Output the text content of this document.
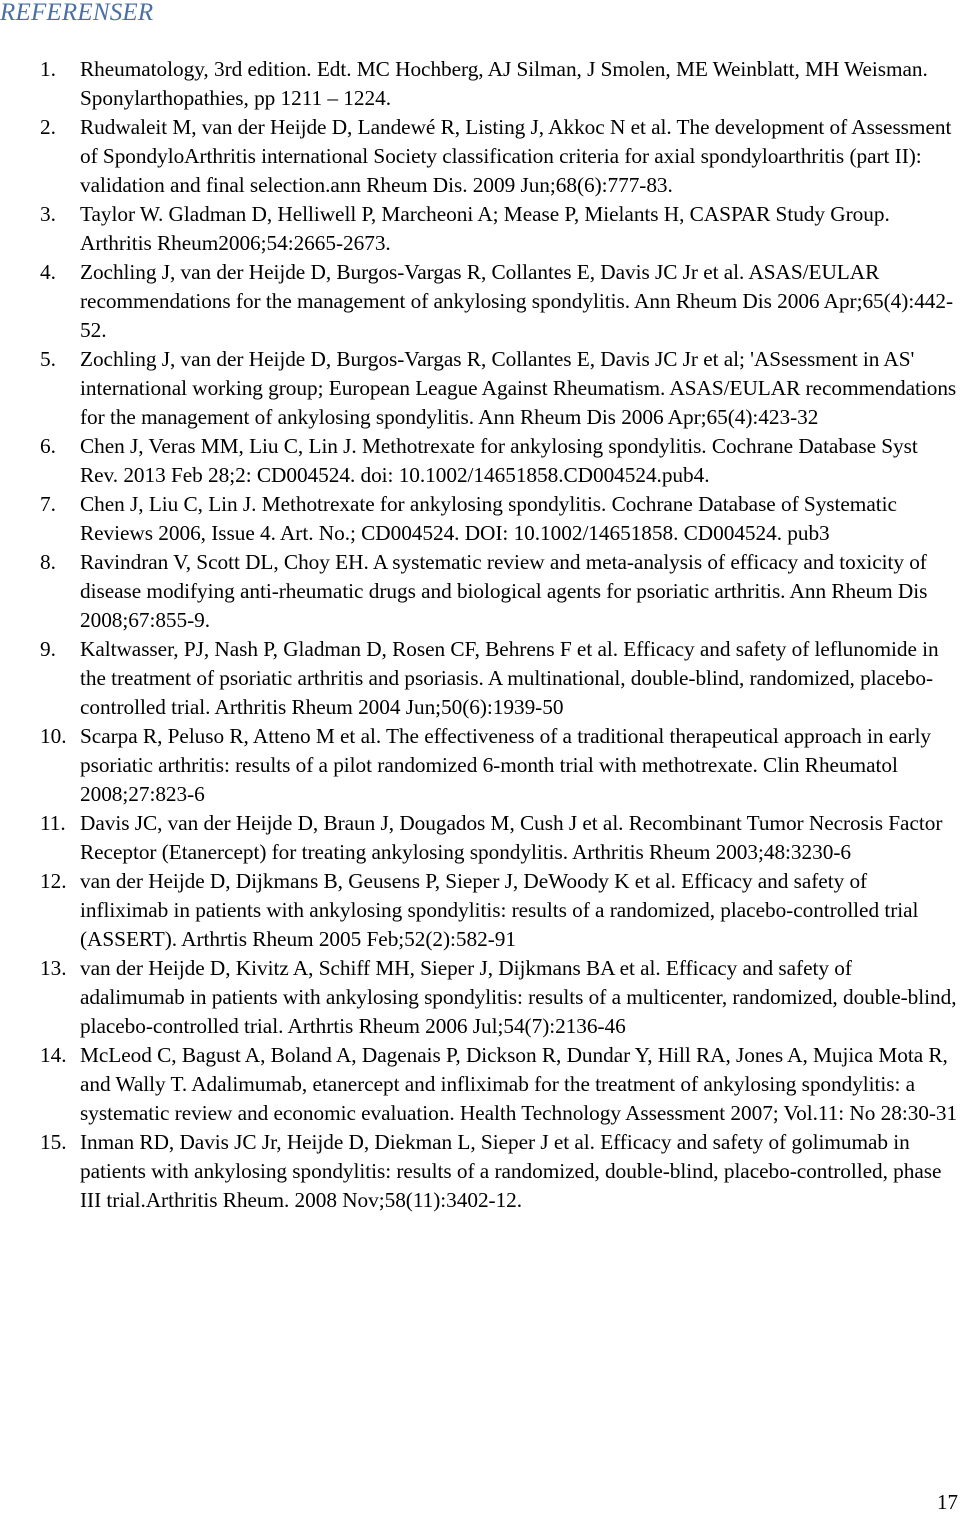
REFERENSER
1. Rheumatology, 3rd edition. Edt. MC Hochberg, AJ Silman, J Smolen, ME Weinblatt, MH Weisman. Sponylarthopathies, pp 1211 – 1224.
2. Rudwaleit M, van der Heijde D, Landewé R, Listing J, Akkoc N et al. The development of Assessment of SpondyloArthritis international Society classification criteria for axial spondyloarthritis (part II): validation and final selection.ann Rheum Dis. 2009 Jun;68(6):777-83.
3. Taylor W. Gladman D, Helliwell P, Marcheoni A; Mease P, Mielants H, CASPAR Study Group. Arthritis Rheum2006;54:2665-2673.
4. Zochling J, van der Heijde D, Burgos-Vargas R, Collantes E, Davis JC Jr et al. ASAS/EULAR recommendations for the management of ankylosing spondylitis. Ann Rheum Dis 2006 Apr;65(4):442-52.
5. Zochling J, van der Heijde D, Burgos-Vargas R, Collantes E, Davis JC Jr et al; 'ASsessment in AS' international working group; European League Against Rheumatism. ASAS/EULAR recommendations for the management of ankylosing spondylitis. Ann Rheum Dis 2006 Apr;65(4):423-32
6. Chen J, Veras MM, Liu C, Lin J. Methotrexate for ankylosing spondylitis. Cochrane Database Syst Rev. 2013 Feb 28;2: CD004524. doi: 10.1002/14651858.CD004524.pub4.
7. Chen J, Liu C, Lin J. Methotrexate for ankylosing spondylitis. Cochrane Database of Systematic Reviews 2006, Issue 4. Art. No.; CD004524. DOI: 10.1002/14651858. CD004524. pub3
8. Ravindran V, Scott DL, Choy EH. A systematic review and meta-analysis of efficacy and toxicity of disease modifying anti-rheumatic drugs and biological agents for psoriatic arthritis. Ann Rheum Dis 2008;67:855-9.
9. Kaltwasser, PJ, Nash P, Gladman D, Rosen CF, Behrens F et al. Efficacy and safety of leflunomide in the treatment of psoriatic arthritis and psoriasis. A multinational, double-blind, randomized, placebo-controlled trial. Arthritis Rheum 2004 Jun;50(6):1939-50
10. Scarpa R, Peluso R, Atteno M et al. The effectiveness of a traditional therapeutical approach in early psoriatic arthritis: results of a pilot randomized 6-month trial with methotrexate. Clin Rheumatol 2008;27:823-6
11. Davis JC, van der Heijde D, Braun J, Dougados M, Cush J et al. Recombinant Tumor Necrosis Factor Receptor (Etanercept) for treating ankylosing spondylitis. Arthritis Rheum 2003;48:3230-6
12. van der Heijde D, Dijkmans B, Geusens P, Sieper J, DeWoody K et al. Efficacy and safety of infliximab in patients with ankylosing spondylitis: results of a randomized, placebo-controlled trial (ASSERT). Arthrtis Rheum 2005 Feb;52(2):582-91
13. van der Heijde D, Kivitz A, Schiff MH, Sieper J, Dijkmans BA et al. Efficacy and safety of adalimumab in patients with ankylosing spondylitis: results of a multicenter, randomized, double-blind, placebo-controlled trial. Arthrtis Rheum 2006 Jul;54(7):2136-46
14. McLeod C, Bagust A, Boland A, Dagenais P, Dickson R, Dundar Y, Hill RA, Jones A, Mujica Mota R, and Wally T. Adalimumab, etanercept and infliximab for the treatment of ankylosing spondylitis: a systematic review and economic evaluation. Health Technology Assessment 2007; Vol.11: No 28:30-31
15. Inman RD, Davis JC Jr, Heijde D, Diekman L, Sieper J et al. Efficacy and safety of golimumab in patients with ankylosing spondylitis: results of a randomized, double-blind, placebo-controlled, phase III trial.Arthritis Rheum. 2008 Nov;58(11):3402-12.
17
